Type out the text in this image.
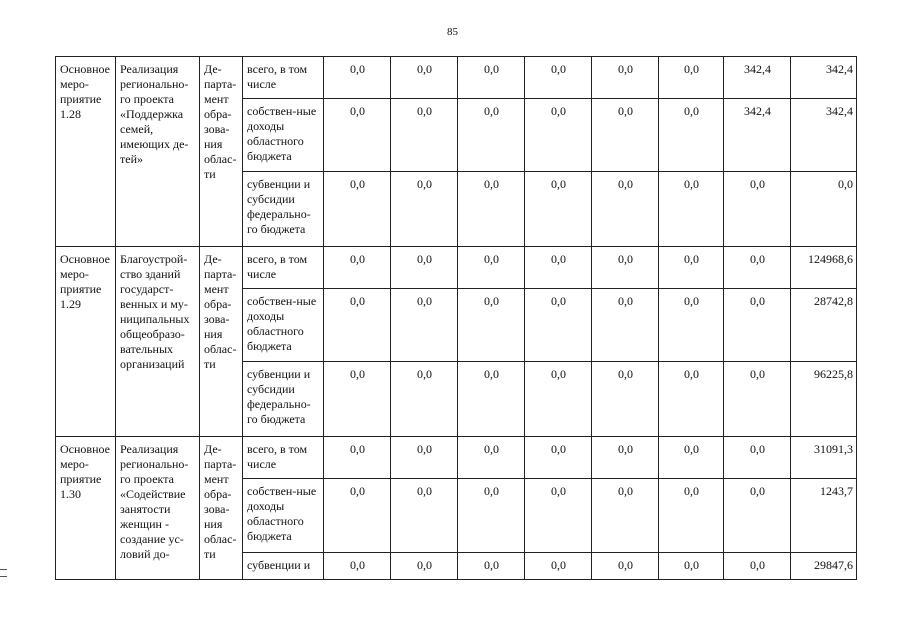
85
Основное меро-приятие 1.28	Реализация регионально-го проекта «Поддержка семей, имеющих де-тей»	Де-парта-мент обра-зова-ния облас-ти	всего, в том числе	0,0	0,0	0,0	0,0	0,0	0,0	342,4	342,4
			собствен-ные доходы областного бюджета	0,0	0,0	0,0	0,0	0,0	0,0	342,4	342,4
			субвенции и субсидии федерально-го бюджета	0,0	0,0	0,0	0,0	0,0	0,0	0,0	0,0
Основное меро-приятие 1.29	Благоустрой-ство зданий государст-венных и му-ниципальных общеобразо-вательных организаций	Де-парта-мент обра-зова-ния облас-ти	всего, в том числе	0,0	0,0	0,0	0,0	0,0	0,0	0,0	124968,6
			собствен-ные доходы областного бюджета	0,0	0,0	0,0	0,0	0,0	0,0	0,0	28742,8
			субвенции и субсидии федерально-го бюджета	0,0	0,0	0,0	0,0	0,0	0,0	0,0	96225,8
Основное меро-приятие 1.30	Реализация регионально-го проекта «Содействие занятости женщин - создание ус-ловий до-	Де-парта-мент обра-зова-ния облас-ти	всего, в том числе	0,0	0,0	0,0	0,0	0,0	0,0	0,0	31091,3
			собствен-ные доходы областного бюджета	0,0	0,0	0,0	0,0	0,0	0,0	0,0	1243,7
			субвенции и	0,0	0,0	0,0	0,0	0,0	0,0	0,0	29847,6
